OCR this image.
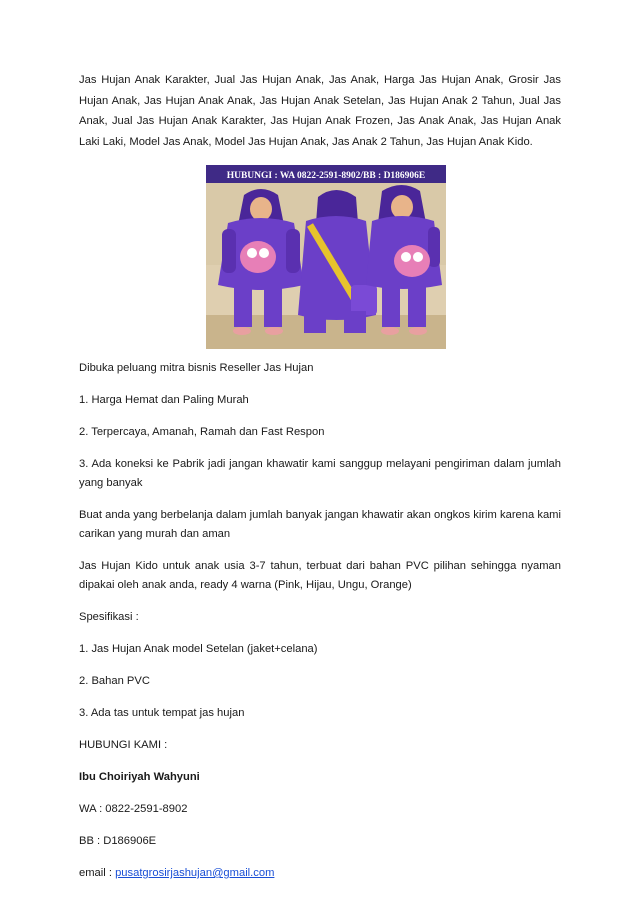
Jas Hujan Anak Karakter, Jual Jas Hujan Anak, Jas Anak, Harga Jas Hujan Anak, Grosir Jas Hujan Anak, Jas Hujan Anak Anak, Jas Hujan Anak Setelan, Jas Hujan Anak 2 Tahun, Jual Jas Anak, Jual Jas Hujan Anak Karakter, Jas Hujan Anak Frozen, Jas Anak Anak, Jas Hujan Anak Laki Laki, Model Jas Anak, Model Jas Hujan Anak, Jas Anak 2 Tahun, Jas Hujan Anak Kido.

HUBUNGI : WA 0822-2591-8902/BB : D186906E

Dibuka peluang mitra bisnis Reseller Jas Hujan

1. Harga Hemat dan Paling Murah

2. Terpercaya, Amanah, Ramah dan Fast Respon

3. Ada koneksi ke Pabrik jadi jangan khawatir kami sanggup melayani pengiriman dalam jumlah yang banyak

Buat anda yang berbelanja dalam jumlah banyak jangan khawatir akan ongkos kirim karena kami carikan yang murah dan aman

Jas Hujan Kido untuk anak usia 3-7 tahun, terbuat dari bahan PVC pilihan sehingga nyaman dipakai oleh anak anda, ready 4 warna (Pink, Hijau, Ungu, Orange)

Spesifikasi :

1. Jas Hujan Anak model Setelan (jaket+celana)

2. Bahan PVC

3. Ada tas untuk tempat jas hujan

HUBUNGI KAMI :

Ibu Choiriyah Wahyuni

WA : 0822-2591-8902

BB : D186906E

email : pusatgrosirjashujan@gmail.com
